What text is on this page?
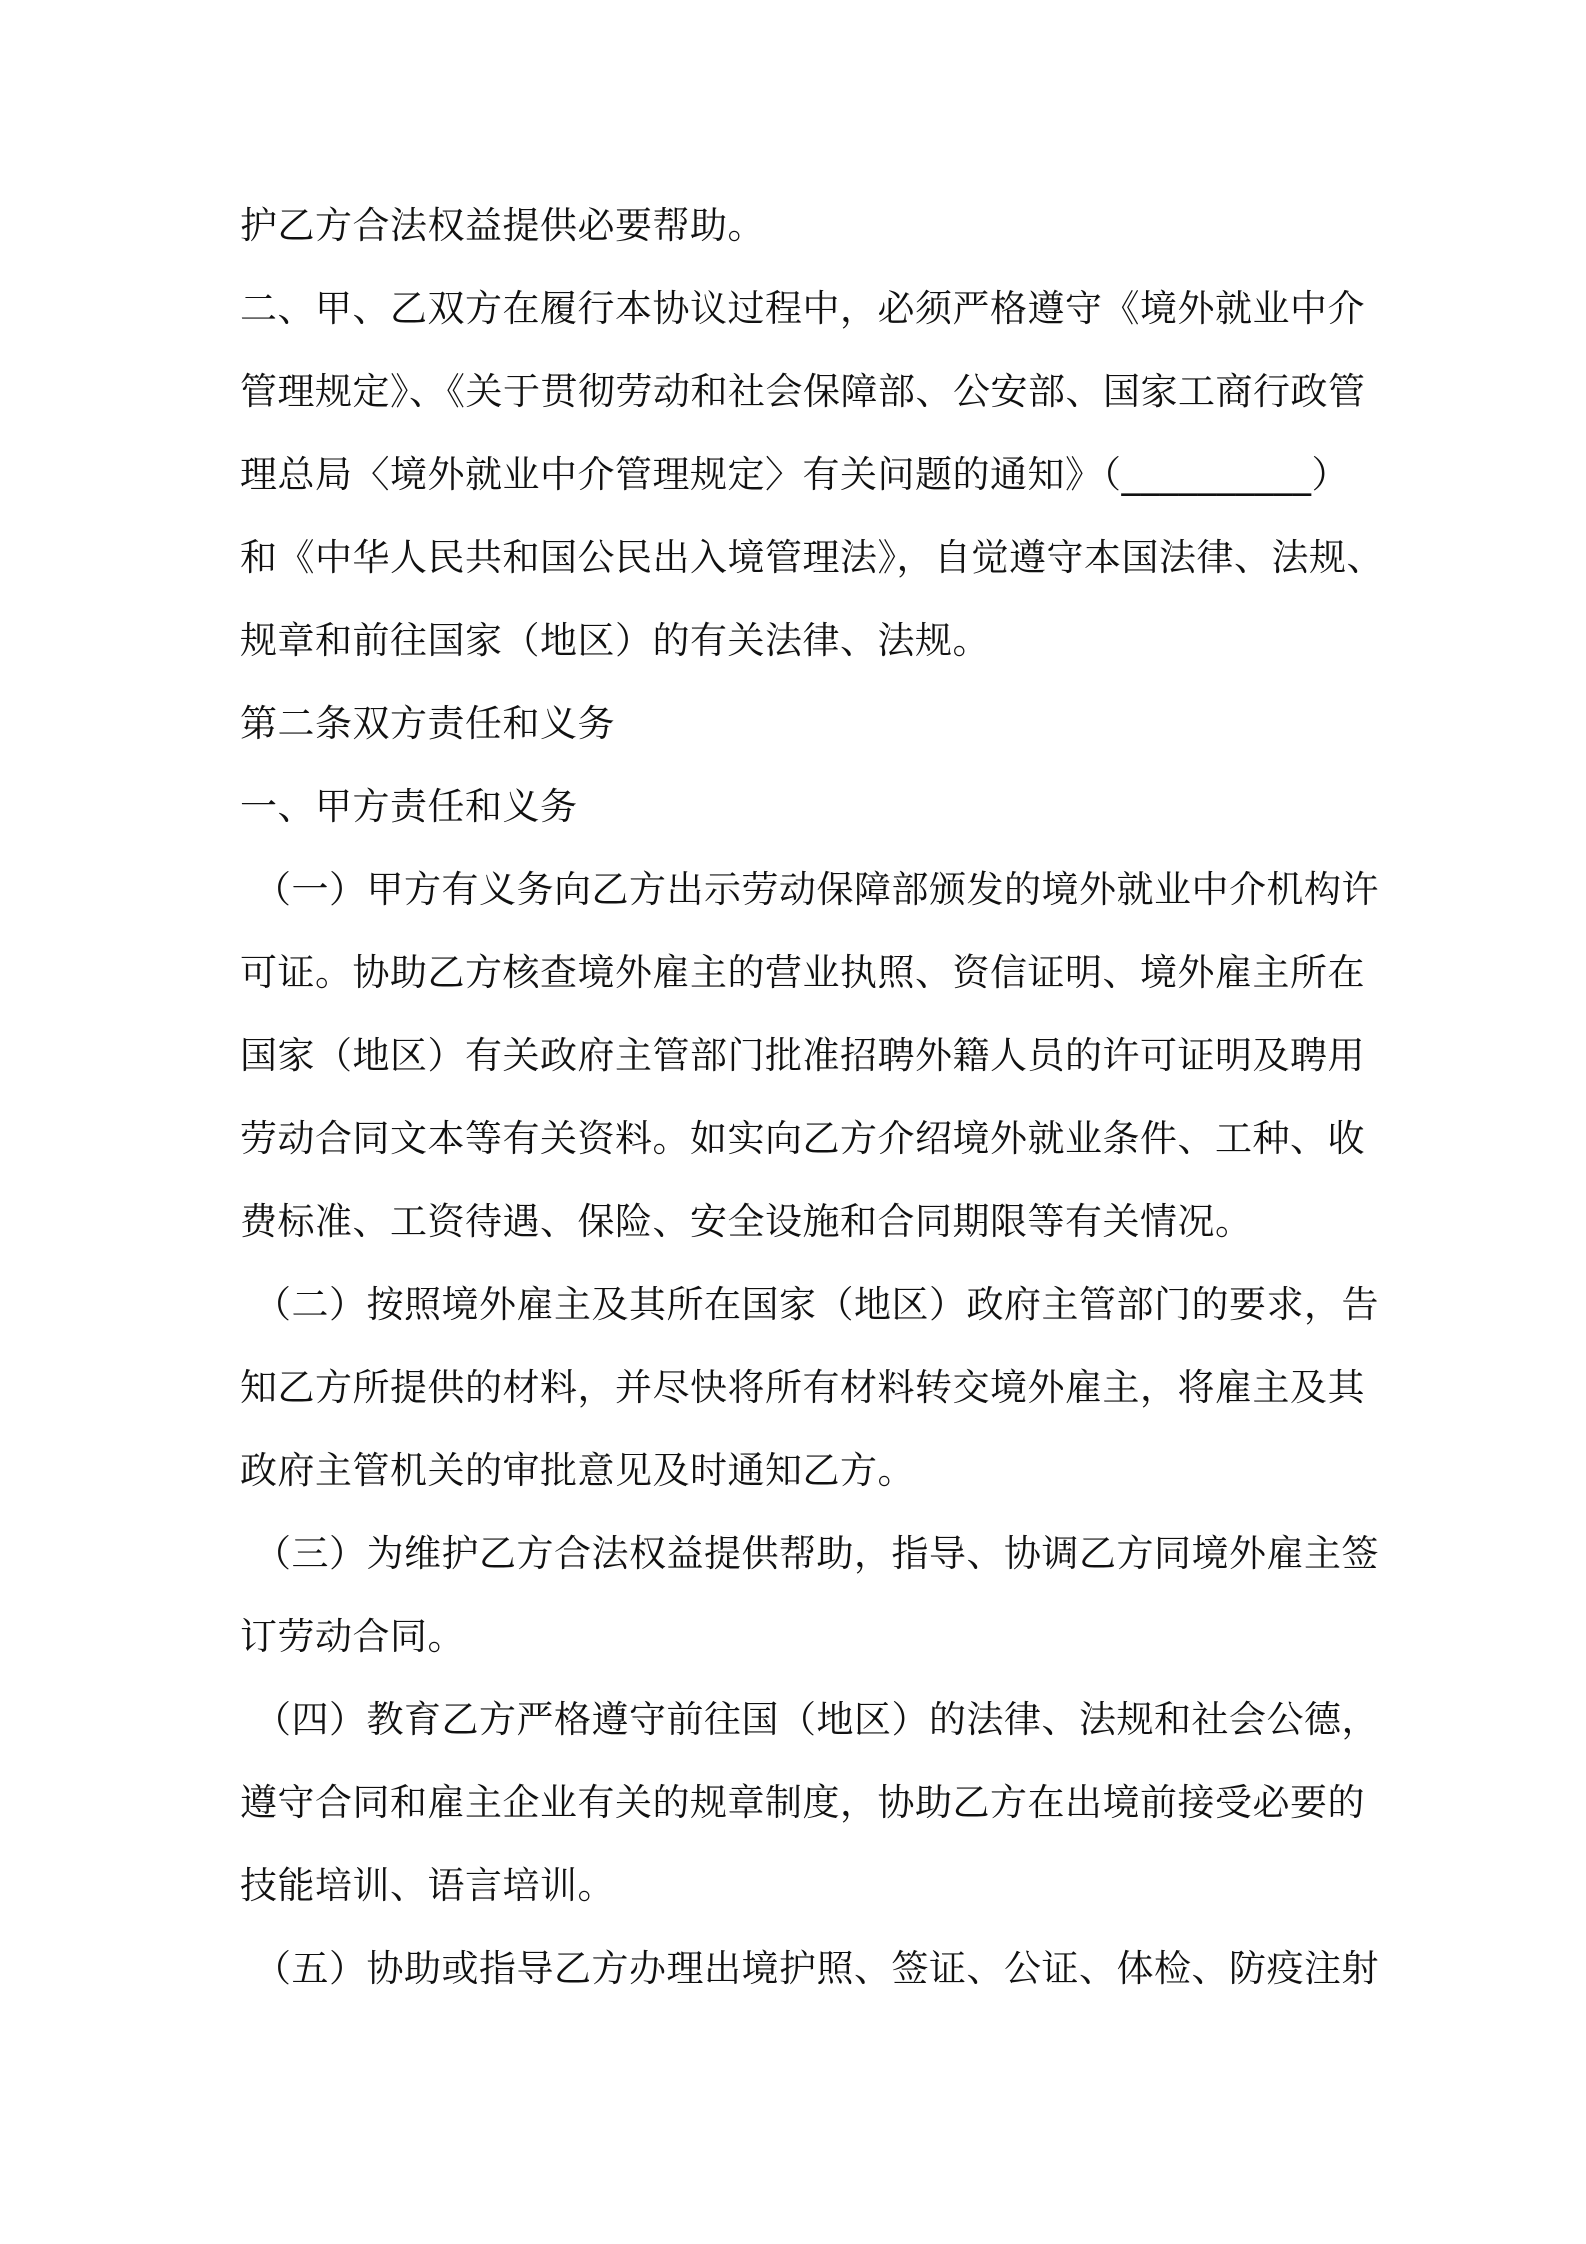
护乙方合法权益提供必要帮助。
二、甲、乙双方在履行本协议过程中，必须严格遵守《境外就业中介
管理规定》、《关于贯彻劳动和社会保障部、公安部、国家工商行政管
理总局〈境外就业中介管理规定〉有关问题的通知》（__________）
和《中华人民共和国公民出入境管理法》，自觉遵守本国法律、法规、
规章和前往国家（地区）的有关法律、法规。
第二条双方责任和义务
一、甲方责任和义务
（一）甲方有义务向乙方出示劳动保障部颁发的境外就业中介机构许
可证。协助乙方核查境外雇主的营业执照、资信证明、境外雇主所在
国家（地区）有关政府主管部门批准招聘外籍人员的许可证明及聘用
劳动合同文本等有关资料。如实向乙方介绍境外就业条件、工种、收
费标准、工资待遇、保险、安全设施和合同期限等有关情况。
（二）按照境外雇主及其所在国家（地区）政府主管部门的要求，告
知乙方所提供的材料，并尽快将所有材料转交境外雇主，将雇主及其
政府主管机关的审批意见及时通知乙方。
（三）为维护乙方合法权益提供帮助，指导、协调乙方同境外雇主签
订劳动合同。
（四）教育乙方严格遵守前往国（地区）的法律、法规和社会公德，
遵守合同和雇主企业有关的规章制度，协助乙方在出境前接受必要的
技能培训、语言培训。
（五）协助或指导乙方办理出境护照、签证、公证、体检、防疫注射
